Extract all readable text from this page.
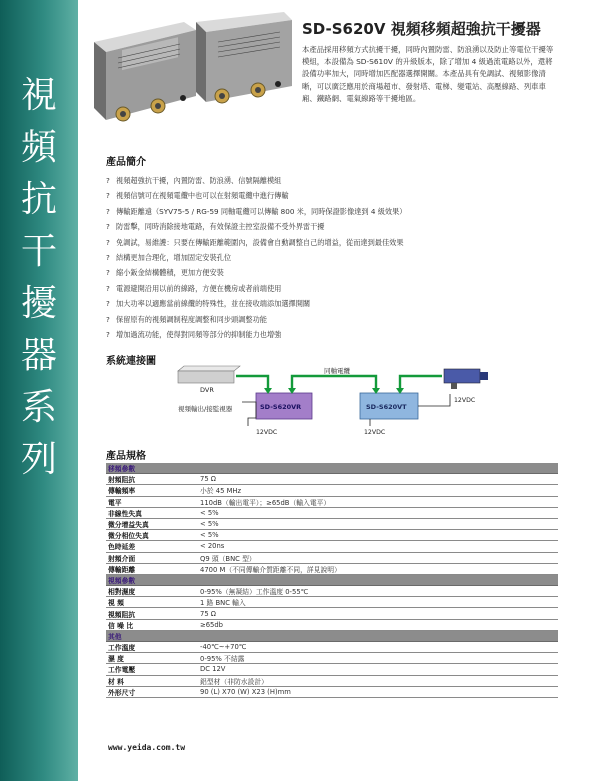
視
頻
抗
干
擾
器
系
列
SD-S620V 視頻移頻超強抗干擾器
本產品採用移頻方式抗擾干擾，同時內置防雷、防浪湧以及防止等電位干擾等模組，本設備為 SD-S610V 的升級版本，除了增加 4 級過流電路以外，還將設備功率加大，同時增加匹配器選擇開關。本產品具有免調試、視頻影像清晰，可以廣泛應用於商場超市、發射塔、電梯、變電站、高壓線路、列車車廂、鐵路網、電氣線路等干擾地區。
產品簡介
? 視頻超強抗干擾，內置防雷、防浪湧、信號隔離模組
? 視頻信號可在視頻電纜中也可以在射頻電纜中進行傳輸
? 傳輸距離遠（SYV75-5 / RG-59 同軸電纜可以傳輸 800 米，同時保證影像達到 4 級效果）
? 防雷擊，同時消除接地電路，有效保證主控室設備不受外界雷干擾
? 免調試，易維護：只要在傳輸距離範圍內，設備會自動調整自己的增益，從而達到最佳效果
? 結構更加合理化，增加固定安裝孔位
? 縮小鈑金結構體積，更加方便安裝
? 電源避開沿用以前的線路，方便在機房或者前端使用
? 加大功率以適應當前線纜的特殊性，並在接收端添加選擇開關
? 保留原有的視頻調制程度調整和同步頭調整功能
? 增加過流功能，使得對同頻等部分的抑制能力也增強
系統連接圖
DVR
視頻輸出/接監視器	SD-S620VR	SD-S620VT
同軸電纜
12VDC	12VDC
12VDC
產品規格
移頻參數	
射頻阻抗	75 Ω
傳輸頻率	小於 45 MHz
電平	110dB（輸出電平）；≥65dB（輸入電平）
非線性失真	< 5%
微分增益失真	< 5%
微分相位失真	< 5%
色時延差	< 20ns
射頻介面	Q9 頭（BNC 型）
傳輸距離	4700 M（不同傳輸介質距離不同，詳見說明）
視頻參數	
相對濕度	0-95%（無凝結）工作溫度 0-55℃
視 頻	1 路 BNC 輸入
視頻阻抗	75 Ω
信 噪 比	≥65db
其他	
工作溫度	-40℃~+70℃
濕 度	0-95% 不結露
工作電壓	DC 12V
材 料	鋁型材（非防水設計）
外形尺寸	90 (L) X70 (W) X23 (H)mm
www.yeida.com.tw
